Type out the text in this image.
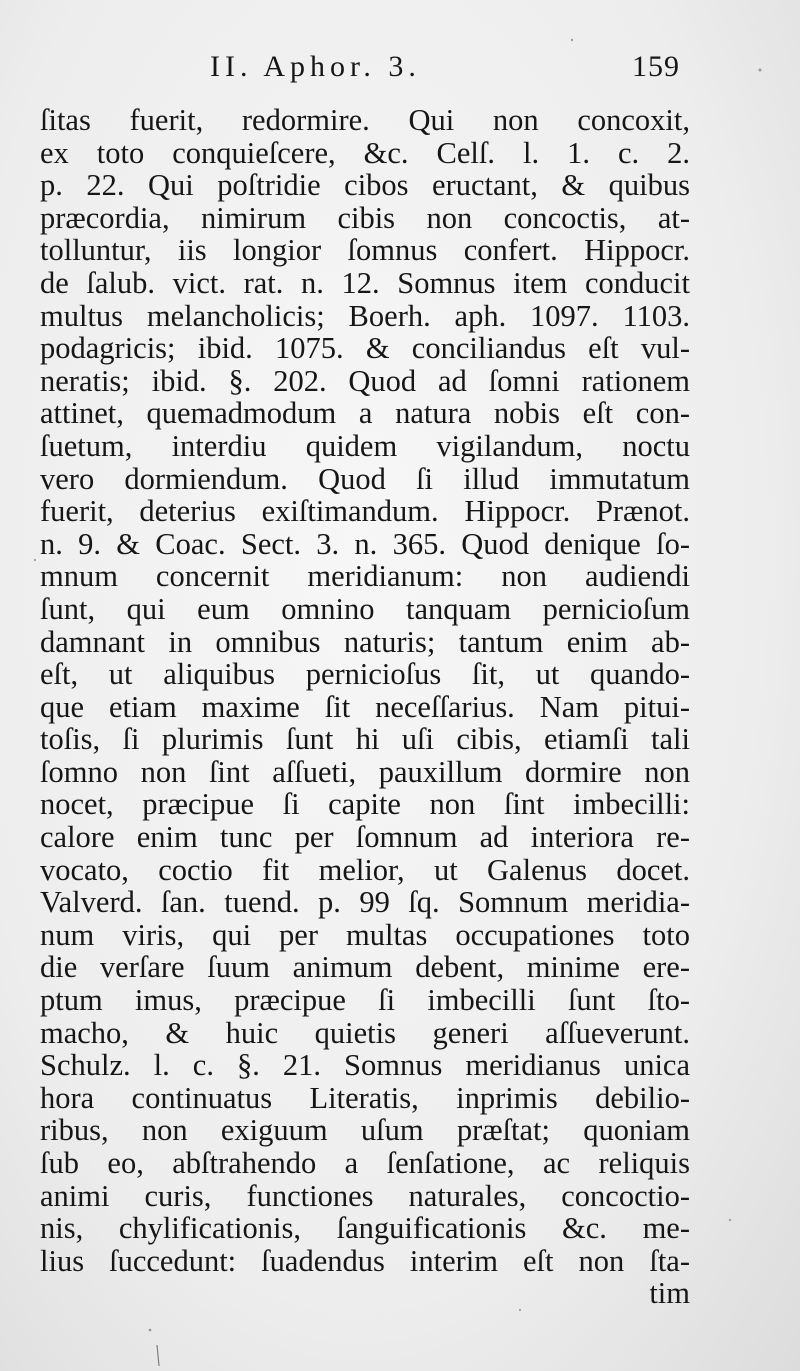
II. Aphor. 3.	159
ſitas fuerit, redormire. Qui non concoxit,
ex toto conquieſcere, &c. Celſ. l. 1. c. 2.
p. 22. Qui poſtridie cibos eructant, & quibus
præcordia, nimirum cibis non concoctis, at-
tolluntur, iis longior ſomnus confert. Hippocr.
de ſalub. vict. rat. n. 12. Somnus item conducit
multus melancholicis; Boerh. aph. 1097. 1103.
podagricis; ibid. 1075. & conciliandus eſt vul-
neratis; ibid. §. 202. Quod ad ſomni rationem
attinet, quemadmodum a natura nobis eſt con-
ſuetum, interdiu quidem vigilandum, noctu
vero dormiendum. Quod ſi illud immutatum
fuerit, deterius exiſtimandum. Hippocr. Prænot.
n. 9. & Coac. Sect. 3. n. 365. Quod denique ſo-
mnum concernit meridianum: non audiendi
ſunt, qui eum omnino tanquam pernicioſum
damnant in omnibus naturis; tantum enim ab-
eſt, ut aliquibus pernicioſus ſit, ut quando-
que etiam maxime ſit neceſſarius. Nam pitui-
toſis, ſi plurimis ſunt hi uſi cibis, etiamſi tali
ſomno non ſint aſſueti, pauxillum dormire non
nocet, præcipue ſi capite non ſint imbecilli:
calore enim tunc per ſomnum ad interiora re-
vocato, coctio fit melior, ut Galenus docet.
Valverd. ſan. tuend. p. 99 ſq. Somnum meridia-
num viris, qui per multas occupationes toto
die verſare ſuum animum debent, minime ere-
ptum imus, præcipue ſi imbecilli ſunt ſto-
macho, & huic quietis generi aſſueverunt.
Schulz. l. c. §. 21. Somnus meridianus unica
hora continuatus Literatis, inprimis debilio-
ribus, non exiguum uſum præſtat; quoniam
ſub eo, abſtrahendo a ſenſatione, ac reliquis
animi curis, functiones naturales, concoctio-
nis, chylificationis, ſanguificationis &c. me-
lius ſuccedunt: ſuadendus interim eſt non ſta-
tim
